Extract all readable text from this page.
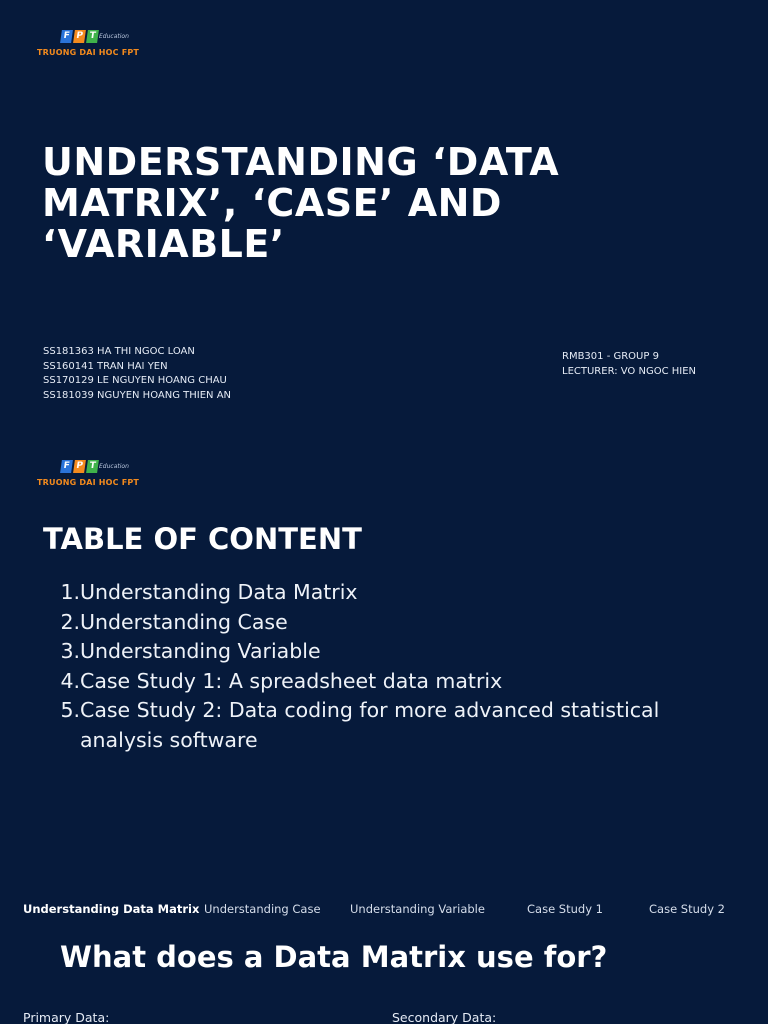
F P T Education
TRUONG DAI HOC FPT
UNDERSTANDING ‘DATA
MATRIX’, ‘CASE’ AND
‘VARIABLE’
SS181363 HA THI NGOC LOAN
SS160141 TRAN HAI YEN
SS170129 LE NGUYEN HOANG CHAU
SS181039 NGUYEN HOANG THIEN AN
RMB301 - GROUP 9
LECTURER: VO NGOC HIEN
F P T Education
TRUONG DAI HOC FPT
TABLE OF CONTENT
1. Understanding Data Matrix
2. Understanding Case
3. Understanding Variable
4. Case Study 1: A spreadsheet data matrix
5. Case Study 2: Data coding for more advanced statistical
analysis software
Understanding Data Matrix Understanding Case	Understanding Variable	Case Study 1	Case Study 2
What does a Data Matrix use for?
Primary Data:	Secondary Data:
